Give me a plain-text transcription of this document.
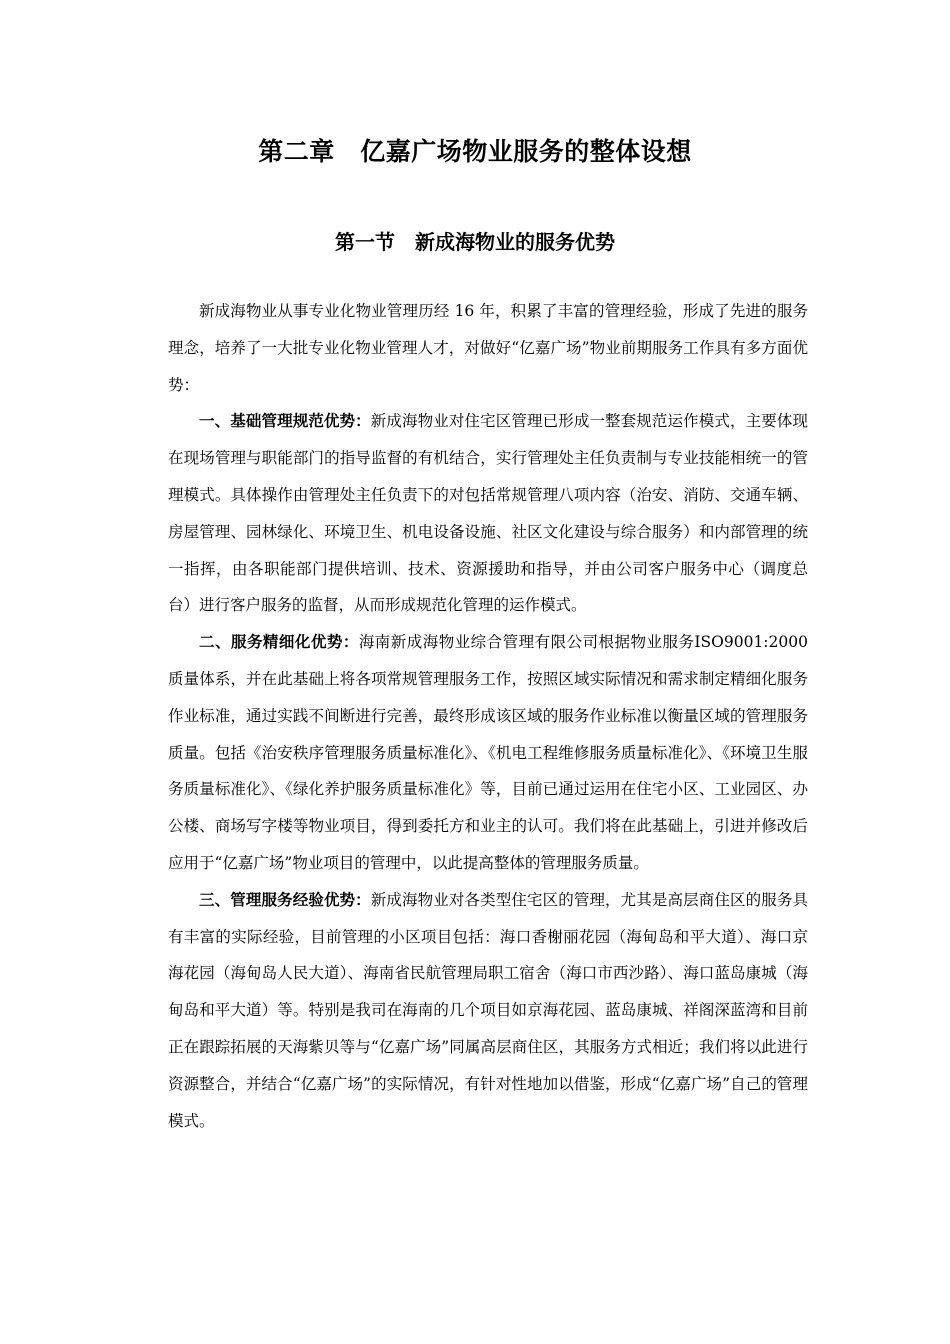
第二章　亿嘉广场物业服务的整体设想
第一节　新成海物业的服务优势

新成海物业从事专业化物业管理历经 16 年，积累了丰富的管理经验，形成了先进的服务理念，培养了一大批专业化物业管理人才，对做好“亿嘉广场”物业前期服务工作具有多方面优势：

一、基础管理规范优势：新成海物业对住宅区管理已形成一整套规范运作模式，主要体现在现场管理与职能部门的指导监督的有机结合，实行管理处主任负责制与专业技能相统一的管理模式。具体操作由管理处主任负责下的对包括常规管理八项内容（治安、消防、交通车辆、房屋管理、园林绿化、环境卫生、机电设备设施、社区文化建设与综合服务）和内部管理的统一指挥，由各职能部门提供培训、技术、资源援助和指导，并由公司客户服务中心（调度总台）进行客户服务的监督，从而形成规范化管理的运作模式。

二、服务精细化优势：海南新成海物业综合管理有限公司根据物业服务ISO9001:2000质量体系，并在此基础上将各项常规管理服务工作，按照区域实际情况和需求制定精细化服务作业标准，通过实践不间断进行完善，最终形成该区域的服务作业标准以衡量区域的管理服务质量。包括《治安秩序管理服务质量标准化》、《机电工程维修服务质量标准化》、《环境卫生服务质量标准化》、《绿化养护服务质量标准化》等，目前已通过运用在住宅小区、工业园区、办公楼、商场写字楼等物业项目，得到委托方和业主的认可。我们将在此基础上，引进并修改后应用于“亿嘉广场”物业项目的管理中，以此提高整体的管理服务质量。

三、管理服务经验优势：新成海物业对各类型住宅区的管理，尤其是高层商住区的服务具有丰富的实际经验，目前管理的小区项目包括：海口香榭丽花园（海甸岛和平大道）、海口京海花园（海甸岛人民大道）、海南省民航管理局职工宿舍（海口市西沙路）、海口蓝岛康城（海甸岛和平大道）等。特别是我司在海南的几个项目如京海花园、蓝岛康城、祥阁深蓝湾和目前正在跟踪拓展的天海紫贝等与“亿嘉广场”同属高层商住区，其服务方式相近；我们将以此进行资源整合，并结合“亿嘉广场”的实际情况，有针对性地加以借鉴，形成“亿嘉广场”自己的管理模式。
